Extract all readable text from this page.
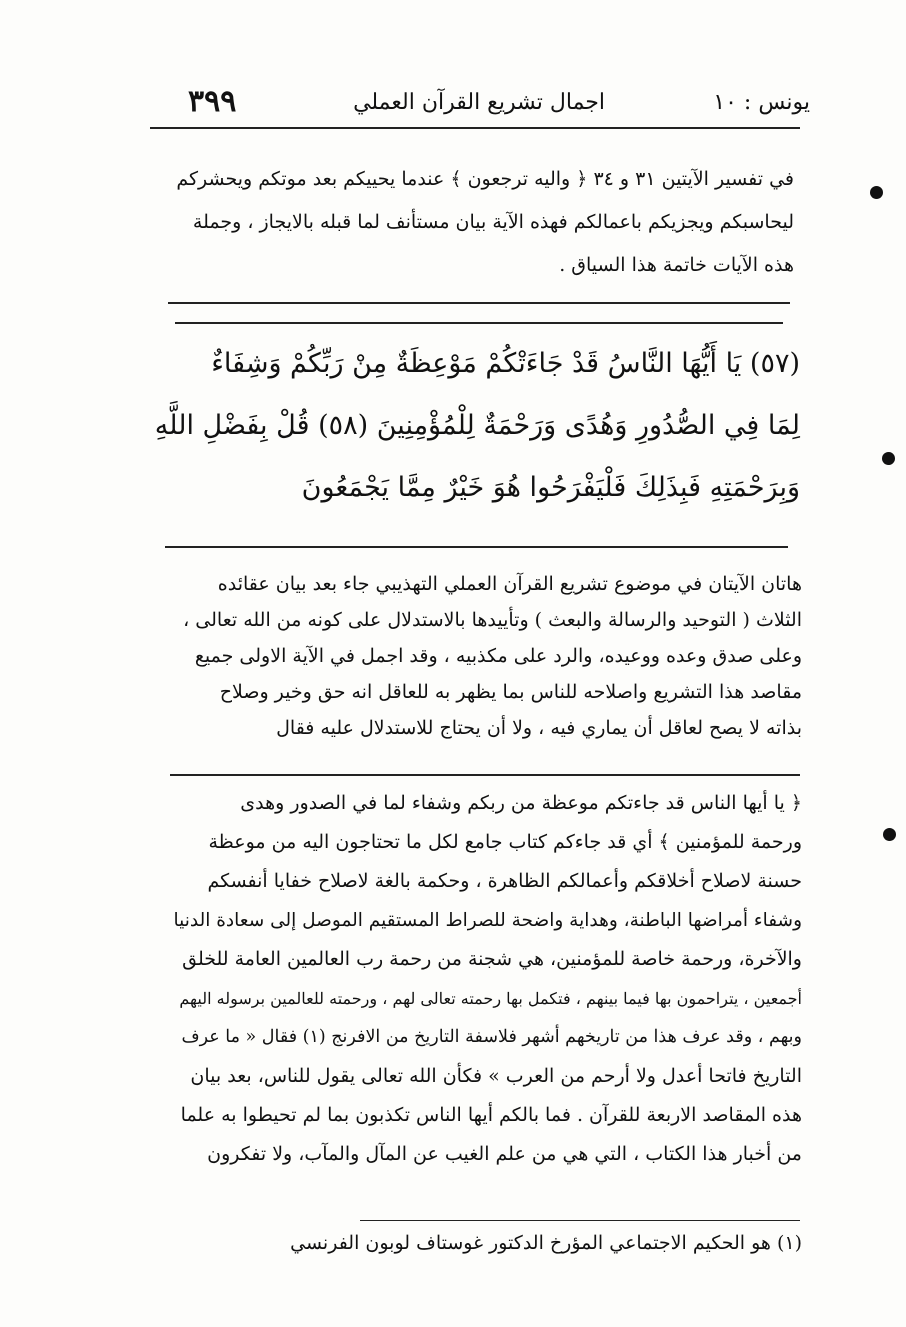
يونس : ١٠
اجمال تشريع القرآن العملي
٣٩٩

في تفسير الآيتين ٣١ و ٣٤ ﴿ واليه ترجعون ﴾ عندما يحييكم بعد موتكم ويحشركم

ليحاسبكم ويجزيكم باعمالكم فهذه الآية بيان مستأنف لما قبله بالايجاز ، وجملة

هذه الآيات خاتمة هذا السياق .

(٥٧) يَا أَيُّهَا النَّاسُ قَدْ جَاءَتْكُمْ مَوْعِظَةٌ مِنْ رَبِّكُمْ وَشِفَاءٌ

لِمَا فِي الصُّدُورِ وَهُدًى وَرَحْمَةٌ لِلْمُؤْمِنِينَ (٥٨) قُلْ بِفَضْلِ اللَّهِ

وَبِرَحْمَتِهِ فَبِذَلِكَ فَلْيَفْرَحُوا هُوَ خَيْرٌ مِمَّا يَجْمَعُونَ

هاتان الآيتان في موضوع تشريع القرآن العملي التهذيبي جاء بعد بيان عقائده

الثلاث ( التوحيد والرسالة والبعث ) وتأييدها بالاستدلال على كونه من الله تعالى ،

وعلى صدق وعده ووعيده، والرد على مكذبيه ، وقد اجمل في الآية الاولى جميع

مقاصد هذا التشريع واصلاحه للناس بما يظهر به للعاقل انه حق وخير وصلاح

بذاته لا يصح لعاقل أن يماري فيه ، ولا أن يحتاج للاستدلال عليه فقال

﴿ يا أيها الناس قد جاءتكم موعظة من ربكم وشفاء لما في الصدور وهدى

ورحمة للمؤمنين ﴾ أي قد جاءكم كتاب جامع لكل ما تحتاجون اليه من موعظة

حسنة لاصلاح أخلاقكم وأعمالكم الظاهرة ، وحكمة بالغة لاصلاح خفايا أنفسكم

وشفاء أمراضها الباطنة، وهداية واضحة للصراط المستقيم الموصل إلى سعادة الدنيا

والآخرة، ورحمة خاصة للمؤمنين، هي شجنة من رحمة رب العالمين العامة للخلق

أجمعين ، يتراحمون بها فيما بينهم ، فتكمل بها رحمته تعالى لهم ، ورحمته للعالمين برسوله اليهم

وبهم ، وقد عرف هذا من تاريخهم أشهر فلاسفة التاريخ من الافرنج (١) فقال « ما عرف

التاريخ فاتحا أعدل ولا أرحم من العرب » فكأن الله تعالى يقول للناس، بعد بيان

هذه المقاصد الاربعة للقرآن . فما بالكم أيها الناس تكذبون بما لم تحيطوا به علما

من أخبار هذا الكتاب ، التي هي من علم الغيب عن المآل والمآب، ولا تفكرون

(١) هو الحكيم الاجتماعي المؤرخ الدكتور غوستاف لوبون الفرنسي
